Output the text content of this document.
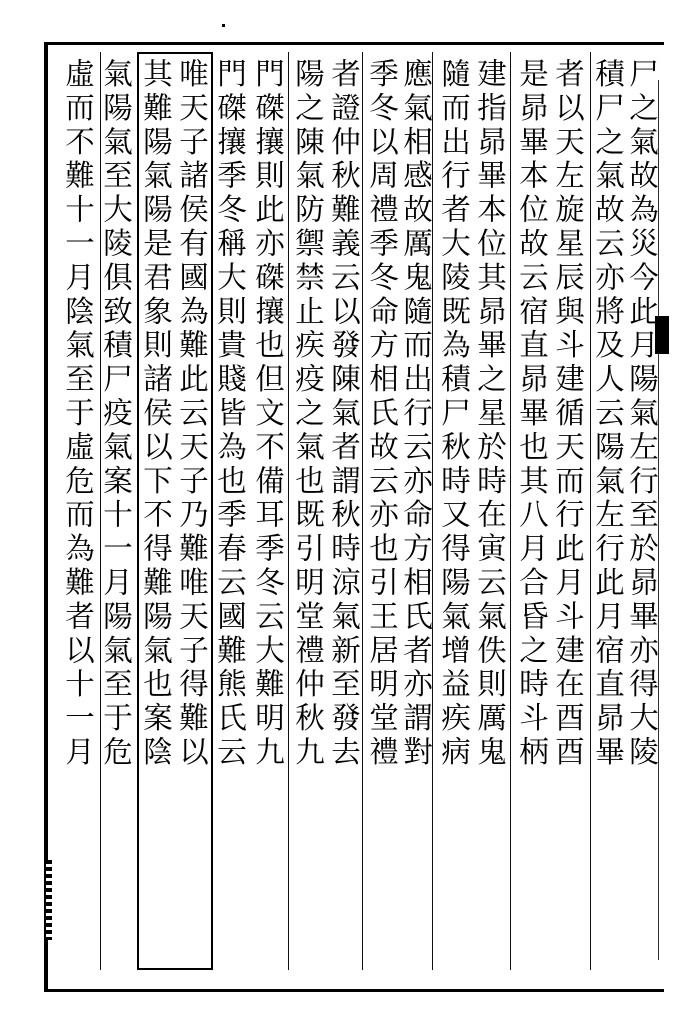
尸之氣故為災今此月陽氣左行至於昴畢亦得大陵
積尸之氣故云亦將及人云陽氣左行此月宿直昴畢
者以天左旋星辰與斗建循天而行此月斗建在酉酉
是昴畢本位故云宿直昴畢也其八月合昏之時斗柄
建指昴畢本位其昴畢之星於時在寅云氣佚則厲鬼
隨而出行者大陵既為積尸秋時又得陽氣增益疾病
應氣相感故厲鬼隨而出行云亦命方相氏者亦謂對
季冬以周禮季冬命方相氏故云亦也引王居明堂禮
者證仲秋難義云以發陳氣者謂秋時涼氣新至發去
陽之陳氣防禦禁止疾疫之氣也既引明堂禮仲秋九
門磔攘則此亦磔攘也但文不備耳季冬云大難明九
門磔攘季冬稱大則貴賤皆為也季春云國難熊氏云
唯天子諸侯有國為難此云天子乃難唯天子得難以
其難陽氣陽是君象則諸侯以下不得難陽氣也案陰
氣陽氣至大陵俱致積尸疫氣案十一月陽氣至于危
虛而不難十一月陰氣至于虛危而為難者以十一月
